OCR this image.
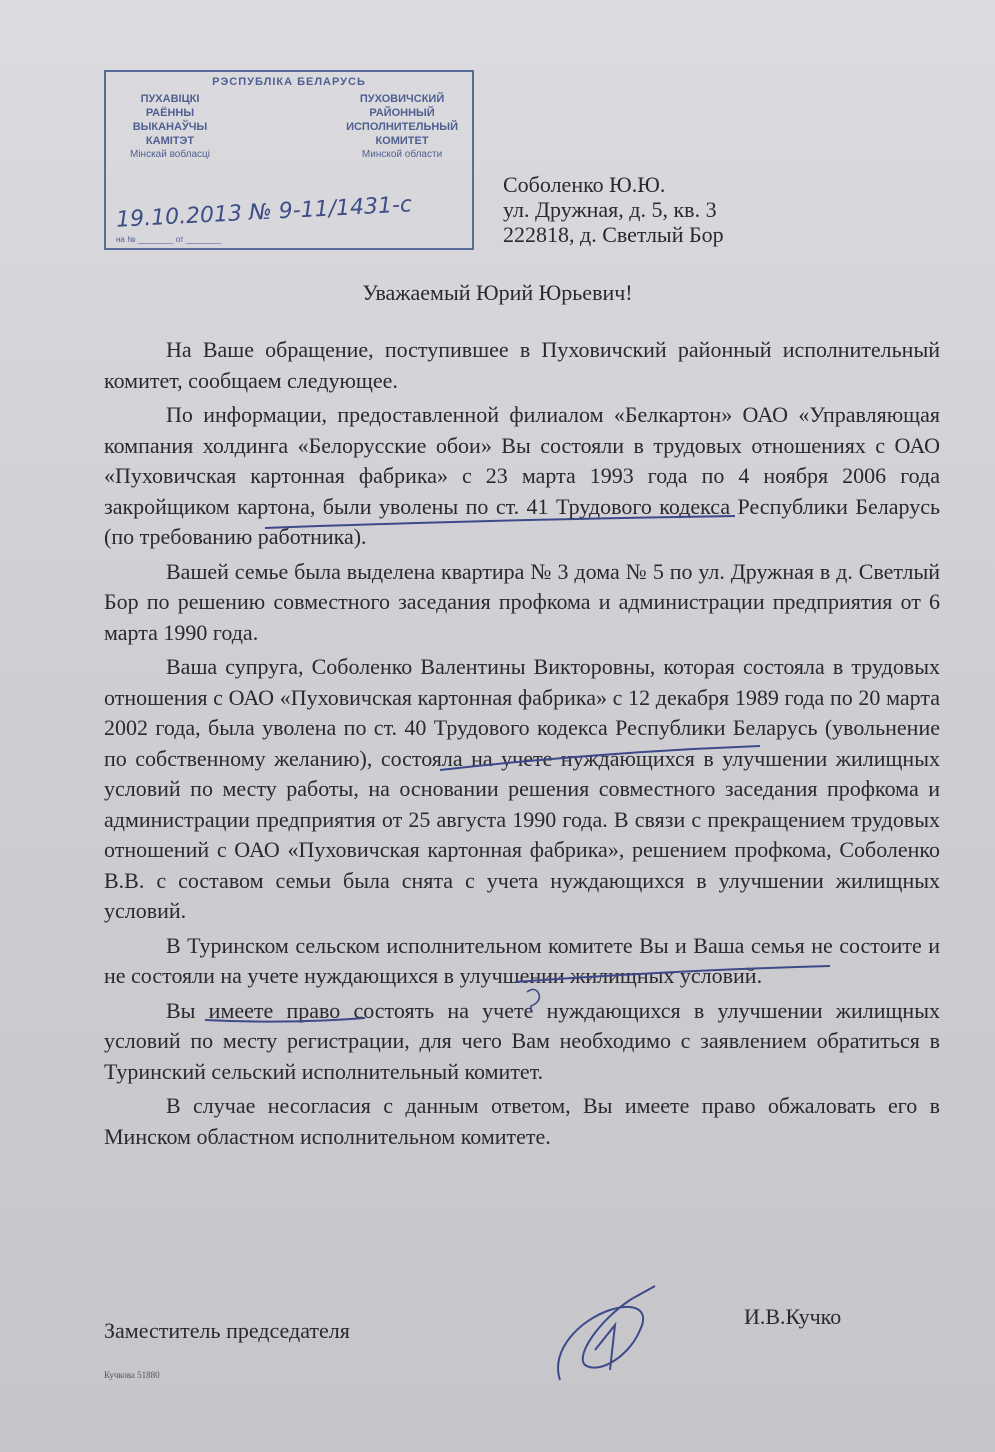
РЭСПУБЛІКА БЕЛАРУСЬ
ПУХАВІЦКІ
РАЁННЫ
ВЫКАНАЎЧЫ
КАМІТЭТ
Мінскай вобласці
ПУХОВИЧСКИЙ
РАЙОННЫЙ
ИСПОЛНИТЕЛЬНЫЙ
КОМИТЕТ
Минской области
19.10.2013 № 9-11/1431-с
на № ________ от ________
Соболенко Ю.Ю.
ул. Дружная, д. 5, кв. 3
222818, д. Светлый Бор
Уважаемый Юрий Юрьевич!

На Ваше обращение, поступившее в Пуховичский районный исполнительный комитет, сообщаем следующее.

По информации, предоставленной филиалом «Белкартон» ОАО «Управляющая компания холдинга «Белорусские обои» Вы состояли в трудовых отношениях с ОАО «Пуховичская картонная фабрика» с 23 марта 1993 года по 4 ноября 2006 года закройщиком картона, были уволены по ст. 41 Трудового кодекса Республики Беларусь (по требованию работника).

Вашей семье была выделена квартира № 3 дома № 5 по ул. Дружная в д. Светлый Бор по решению совместного заседания профкома и администрации предприятия от 6 марта 1990 года.

Ваша супруга, Соболенко Валентины Викторовны, которая состояла в трудовых отношения с ОАО «Пуховичская картонная фабрика» с 12 декабря 1989 года по 20 марта 2002 года, была уволена по ст. 40 Трудового кодекса Республики Беларусь (увольнение по собственному желанию), состояла на учете нуждающихся в улучшении жилищных условий по месту работы, на основании решения совместного заседания профкома и администрации предприятия от 25 августа 1990 года. В связи с прекращением трудовых отношений с ОАО «Пуховичская картонная фабрика», решением профкома, Соболенко В.В. с составом семьи была снята с учета нуждающихся в улучшении жилищных условий.

В Туринском сельском исполнительном комитете Вы и Ваша семья не состоите и не состояли на учете нуждающихся в улучшении жилищных условий.

Вы имеете право состоять на учете нуждающихся в улучшении жилищных условий по месту регистрации, для чего Вам необходимо с заявлением обратиться в Туринский сельский исполнительный комитет.

В случае несогласия с данным ответом, Вы имеете право обжаловать его в Минском областном исполнительном комитете.

Заместитель председателя
И.В.Кучко
Кучкова 51880
